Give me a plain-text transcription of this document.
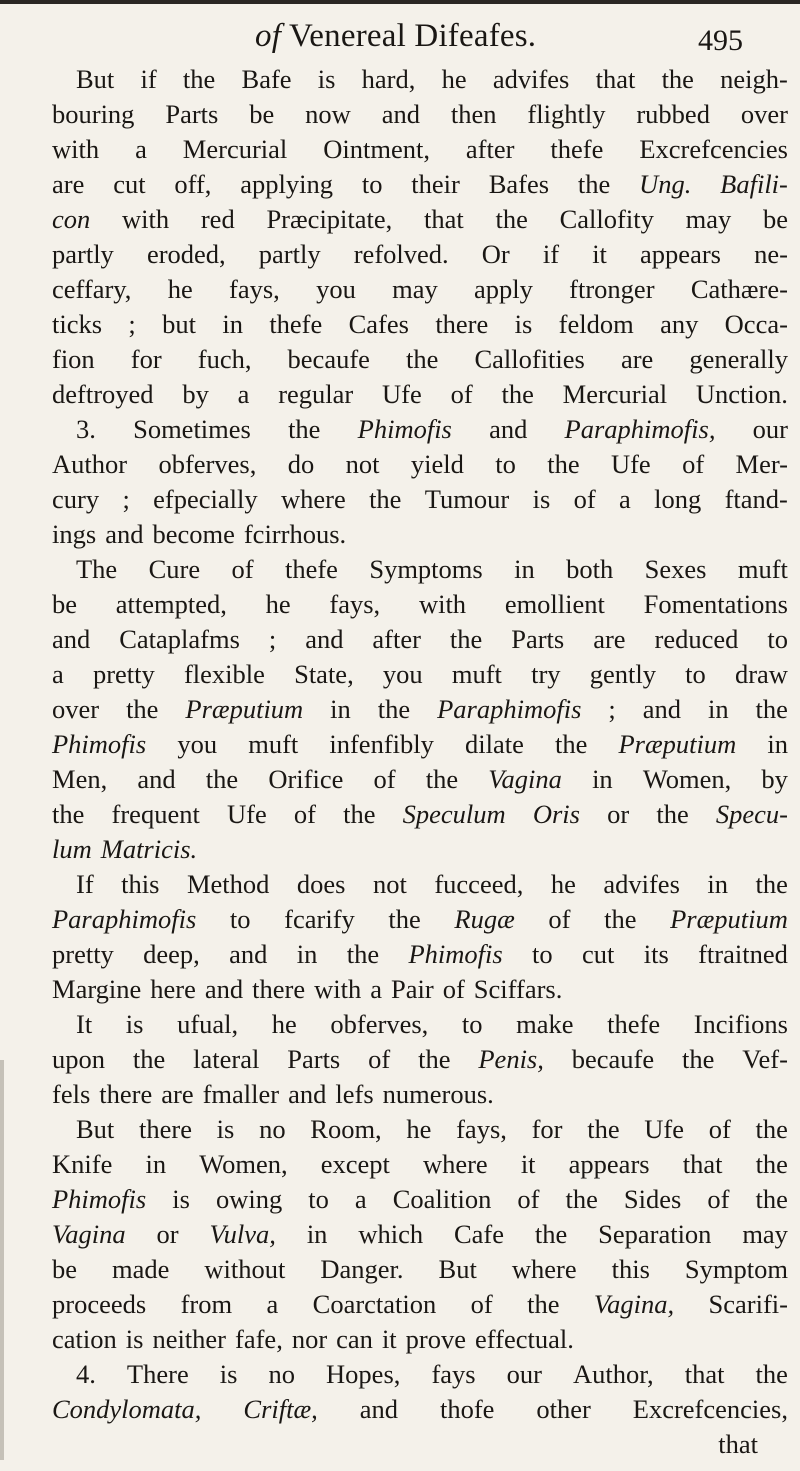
of Venereal Difeafes.	495
But if the Bafe is hard, he advifes that the neigh-
bouring Parts be now and then flightly rubbed over
with a Mercurial Ointment, after thefe Excrefcencies
are cut off, applying to their Bafes the Ung. Bafili-
con with red Præcipitate, that the Callofity may be
partly eroded, partly refolved. Or if it appears ne-
ceffary, he fays, you may apply ftronger Cathære-
ticks ; but in thefe Cafes there is feldom any Occa-
fion for fuch, becaufe the Callofities are generally
deftroyed by a regular Ufe of the Mercurial Unction.
3. Sometimes the Phimofis and Paraphimofis, our
Author obferves, do not yield to the Ufe of Mer-
cury ; efpecially where the Tumour is of a long ftand-
ings and become fcirrhous.
The Cure of thefe Symptoms in both Sexes muft
be attempted, he fays, with emollient Fomentations
and Cataplafms ; and after the Parts are reduced to
a pretty flexible State, you muft try gently to draw
over the Præputium in the Paraphimofis ; and in the
Phimofis you muft infenfibly dilate the Præputium in
Men, and the Orifice of the Vagina in Women, by
the frequent Ufe of the Speculum Oris or the Specu-
lum Matricis.
If this Method does not fucceed, he advifes in the
Paraphimofis to fcarify the Rugæ of the Præputium
pretty deep, and in the Phimofis to cut its ftraitned
Margine here and there with a Pair of Sciffars.
It is ufual, he obferves, to make thefe Incifions
upon the lateral Parts of the Penis, becaufe the Vef-
fels there are fmaller and lefs numerous.
But there is no Room, he fays, for the Ufe of the
Knife in Women, except where it appears that the
Phimofis is owing to a Coalition of the Sides of the
Vagina or Vulva, in which Cafe the Separation may
be made without Danger. But where this Symptom
proceeds from a Coarctation of the Vagina, Scarifi-
cation is neither fafe, nor can it prove effectual.
4. There is no Hopes, fays our Author, that the
Condylomata, Criftæ, and thofe other Excrefcencies,
that
